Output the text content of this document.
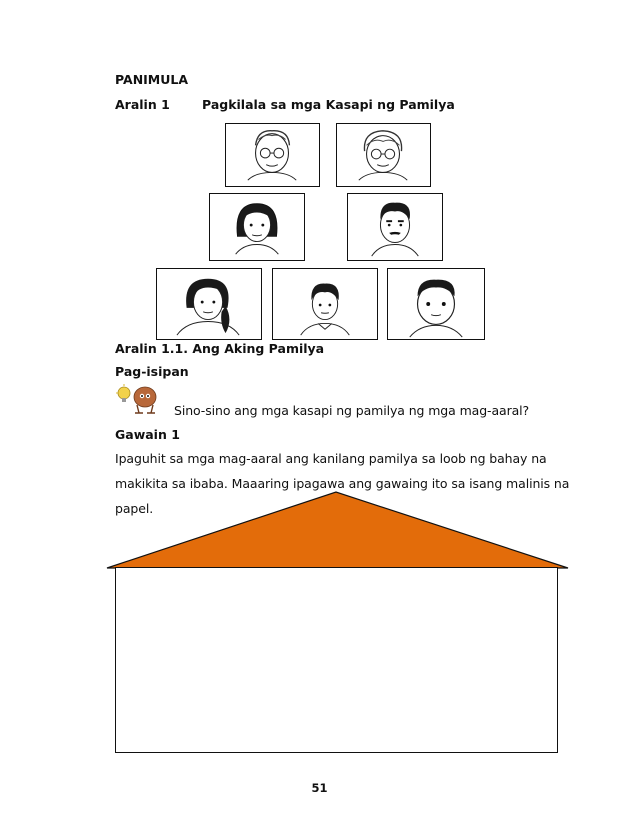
PANIMULA
Aralin 1	Pagkilala sa mga Kasapi ng Pamilya
Aralin 1.1. Ang Aking Pamilya
Pag-isipan
Sino-sino ang mga kasapi ng pamilya ng mga mag-aaral?
Gawain 1
Ipaguhit sa mga mag-aaral ang kanilang pamilya sa loob ng bahay na
makikita sa ibaba. Maaaring ipagawa ang gawaing ito sa isang malinis na
papel.
51
